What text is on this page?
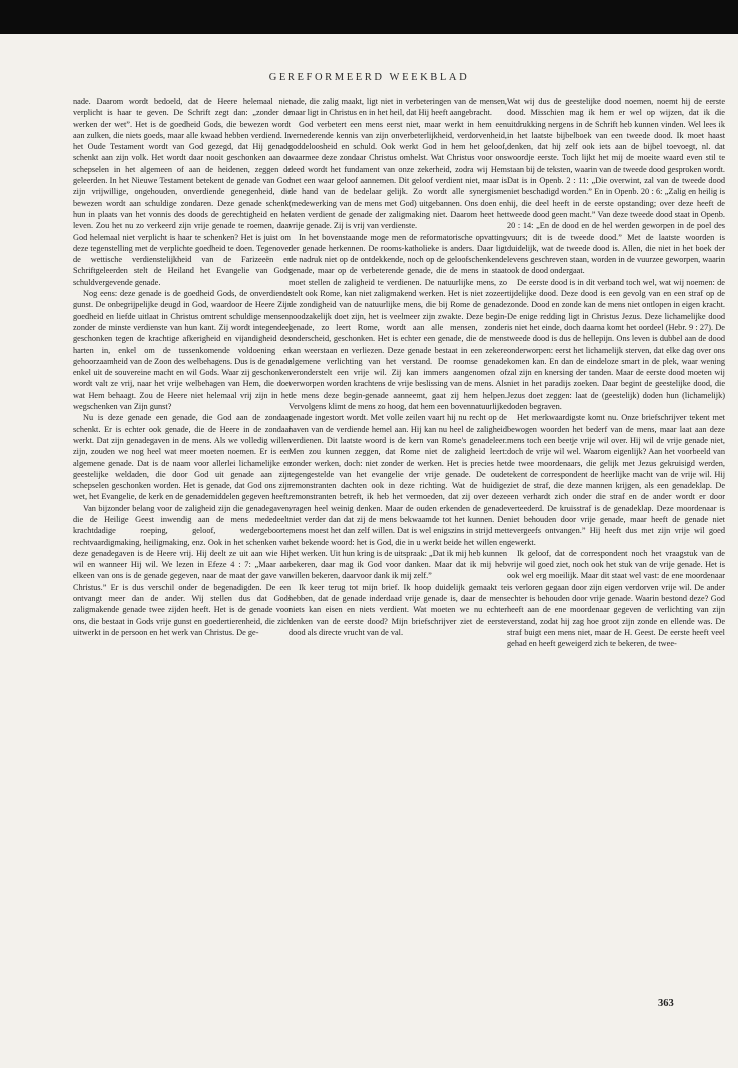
GEREFORMEERD WEEKBLAD

nade. Daarom wordt bedoeld, dat de Heere helemaal niet verplicht is haar te geven. De Schrift zegt dan: „zonder de werken der wet”. Het is de goedheid Gods, die bewezen wordt aan zulken, die niets goeds, maar alle kwaad hebben verdiend. In het Oude Testament wordt van God gezegd, dat Hij genade schenkt aan zijn volk. Het wordt daar nooit geschonken aan de schepselen in het algemeen of aan de heidenen, zeggen de geleerden. In het Nieuwe Testament betekent de genade van God zijn vrijwillige, ongehouden, onverdiende genegenheid, die bewezen wordt aan schuldige zondaren. Deze genade schenkt hun in plaats van het vonnis des doods de gerechtigheid en het leven. Zou het nu zo verkeerd zijn vrije genade te roemen, daar God helemaal niet verplicht is haar te schenken? Het is juist om deze tegenstelling met de verplichte goedheid te doen. Tegenover de wettische verdienstelijkheid van de Farizeeën en Schriftgeleerden stelt de Heiland het Evangelie van Gods schuldvergevende genade.

Nog eens: deze genade is de goedheid Gods, de onverdiende gunst. De onbegrijpelijke deugd in God, waardoor de Heere Zijn goedheid en liefde uitlaat in Christus omtrent schuldige mensen, zonder de minste verdienste van hun kant. Zij wordt integendeel geschonken tegen de krachtige afkerigheid en vijandigheid des harten in, enkel om de tussenkomende voldoening en gehoorzaamheid van de Zoon des welbehagens. Dus is de genade enkel uit de souvereine macht en wil Gods. Waar zij geschonken wordt valt ze vrij, naar het vrije welbehagen van Hem, die doet wat Hem behaagt. Zou de Heere niet helemaal vrij zijn in het wegschenken van Zijn gunst?

Nu is deze genade een genade, die God aan de zondaar schenkt. Er is echter ook genade, die de Heere in de zondaar werkt. Dat zijn genadegaven in de mens. Als we volledig willen zijn, zouden we nog heel wat meer moeten noemen. Er is een algemene genade. Dat is de naam voor allerlei lichamelijke en geestelijke weldaden, die door God uit genade aan zijn schepselen geschonken worden. Het is genade, dat God ons zijn wet, het Evangelie, de kerk en de genademiddelen gegeven heeft.

Van bijzonder belang voor de zaligheid zijn die genadegaven, die de Heilige Geest inwendig aan de mens mededeelt: krachtdadige roeping, geloof, wedergeboorte, rechtvaardigmaking, heiligmaking, enz. Ook in het schenken van deze genadegaven is de Heere vrij. Hij deelt ze uit aan wie Hij wil en wanneer Hij wil. We lezen in Efeze 4 : 7: „Maar aan elkeen van ons is de genade gegeven, naar de maat der gave van Christus.” Er is dus verschil onder de begenadigden. De een ontvangt meer dan de ander. Wij stellen dus dat Gods zaligmakende genade twee zijden heeft. Het is de genade voor ons, die bestaat in Gods vrije gunst en goedertierenheid, die zich uitwerkt in de persoon en het werk van Christus. De ge-

nade, die zalig maakt, ligt niet in verbeteringen van de mensen, maar ligt in Christus en in het heil, dat Hij heeft aangebracht.

God verbetert een mens eerst niet, maar werkt in hem een vernederende kennis van zijn onverbeterlijkheid, verdorvenheid, goddeloosheid en schuld. Ook werkt God in hem het geloof, waarmee deze zondaar Christus omhelst. Wat Christus voor ons deed wordt het fundament van onze zekerheid, zodra wij Hem met een waar geloof aannemen. Dit geloof verdient niet, maar is de hand van de bedelaar gelijk. Zo wordt alle synergisme (medewerking van de mens met God) uitgebannen. Ons doen en laten verdient de genade der zaligmaking niet. Daarom heet het vrije genade. Zij is vrij van verdienste.

In het bovenstaande moge men de reformatorische opvatting der genade herkennen. De rooms-katholieke is anders. Daar ligt de nadruk niet op de ontdekkende, noch op de geloofschenkende genade, maar op de verbeterende genade, die de mens in staat moet stellen de zaligheid te verdienen. De natuurlijke mens, zo stelt ook Rome, kan niet zaligmakend werken. Het is niet zozeer de zondigheid van de natuurlijke mens, die bij Rome de genade noodzakelijk doet zijn, het is veelmeer zijn zwakte. Deze begin-genade, zo leert Rome, wordt aan alle mensen, zonder onderscheid, geschonken. Het is echter een genade, die de mens kan weerstaan en verliezen. Deze genade bestaat in een zekere algemene verlichting van het verstand. De roomse genade veronderstelt een vrije wil. Zij kan immers aangenomen of verworpen worden krachtens de vrije beslissing van de mens. Als de mens deze begin-genade aanneemt, gaat zij hem helpen. Vervolgens klimt de mens zo hoog, dat hem een bovennatuurlijke genade ingestort wordt. Met volle zeilen vaart hij nu recht op de haven van de verdiende hemel aan. Hij kan nu heel de zaligheid verdienen. Dit laatste woord is de kern van Rome's genadeleer. Men zou kunnen zeggen, dat Rome niet de zaligheid leert: zonder werken, doch: niet zonder de werken. Het is precies het tegengestelde van het evangelie der vrije genade. De oude remonstranten dachten ook in deze richting. Wat de huidige remonstranten betreft, ik heb het vermoeden, dat zij over deze vragen heel weinig denken. Maar de ouden erkenden de genade niet verder dan dat zij de mens bekwaamde tot het kunnen. De mens moest het dan zelf willen. Dat is wel enigszins in strijd met het bekende woord: het is God, die in u werkt beide het willen en het werken. Uit hun kring is de uitspraak: „Dat ik mij heb kunnen bekeren, daar mag ik God voor danken. Maar dat ik mij heb willen bekeren, daarvoor dank ik mij zelf.”

Ik keer terug tot mijn brief. Ik hoop duidelijk gemaakt te hebben, dat de genade inderdaad vrije genade is, daar de mens niets kan eisen en niets verdient. Wat moeten we nu echter denken van de eerste dood? Mijn briefschrijver ziet de eerste dood als directe vrucht van de val.

Wat wij dus de geestelijke dood noemen, noemt hij de eerste dood. Misschien mag ik hem er wel op wijzen, dat ik die uitdrukking nergens in de Schrift heb kunnen vinden. Wel lees ik in het laatste bijbelboek van een tweede dood. Ik moet haast denken, dat hij zelf ook iets aan de bijbel toevoegt, nl. dat woordje eerste. Toch lijkt het mij de moeite waard even stil te staan bij de teksten, waarin van de tweede dood gesproken wordt. Dat is in Openb. 2 : 11: „Die overwint, zal van de tweede dood niet beschadigd worden.” En in Openb. 20 : 6: „Zalig en heilig is hij, die deel heeft in de eerste opstanding; over deze heeft de tweede dood geen macht.” Van deze tweede dood staat in Openb. 20 : 14: „En de dood en de hel werden geworpen in de poel des vuurs; dit is de tweede dood.” Met de laatste woorden is duidelijk, wat de tweede dood is. Allen, die niet in het boek der levens geschreven staan, worden in de vuurzee geworpen, waarin ook de dood ondergaat.

De eerste dood is in dit verband toch wel, wat wij noemen: de tijdelijke dood. Deze dood is een gevolg van en een straf op de zonde. Dood en zonde kan de mens niet ontlopen in eigen kracht. De enige redding ligt in Christus Jezus. Deze lichamelijke dood is niet het einde, doch daarna komt het oordeel (Hebr. 9 : 27). De tweede dood is dus de hellepijn. Ons leven is dubbel aan de dood onderworpen: eerst het lichamelijk sterven, dat elke dag over ons komen kan. En dan de eindeloze smart in de plek, waar wening zal zijn en knersing der tanden. Maar de eerste dood moeten wij niet in het paradijs zoeken. Daar begint de geestelijke dood, die Jezus doet zeggen: laat de (geestelijk) doden hun (lichamelijk) doden begraven.

Het merkwaardigste komt nu. Onze briefschrijver tekent met bewogen woorden het bederf van de mens, maar laat aan deze mens toch een beetje vrije wil over. Hij wil de vrije genade niet, doch de vrije wil wel. Waarom eigenlijk? Aan het voorbeeld van de twee moordenaars, die gelijk met Jezus gekruisigd werden, tekent de correspondent de heerlijke macht van de vrije wil. Hij ziet de straf, die deze mannen krijgen, als een genadeklap. De een verhardt zich onder die straf en de ander wordt er door verteederd. De kruisstraf is de genadeklap. Deze moordenaar is niet behouden door vrije genade, maar heeft de genade niet tevergeefs ontvangen.” Hij heeft dus met zijn vrije wil goed gewerkt.

Ik geloof, dat de correspondent noch het vraagstuk van de vrije wil goed ziet, noch ook het stuk van de vrije genade. Het is ook wel erg moeilijk. Maar dit staat wel vast: de ene moordenaar is verloren gegaan door zijn eigen verdorven vrije wil. De ander echter is behouden door vrije genade. Waarin bestond deze? God heeft aan de ene moordenaar gegeven de verlichting van zijn verstand, zodat hij zag hoe groot zijn zonde en ellende was. De straf buigt een mens niet, maar de H. Geest. De eerste heeft veel gehad en heeft geweigerd zich te bekeren, de twee-

363
